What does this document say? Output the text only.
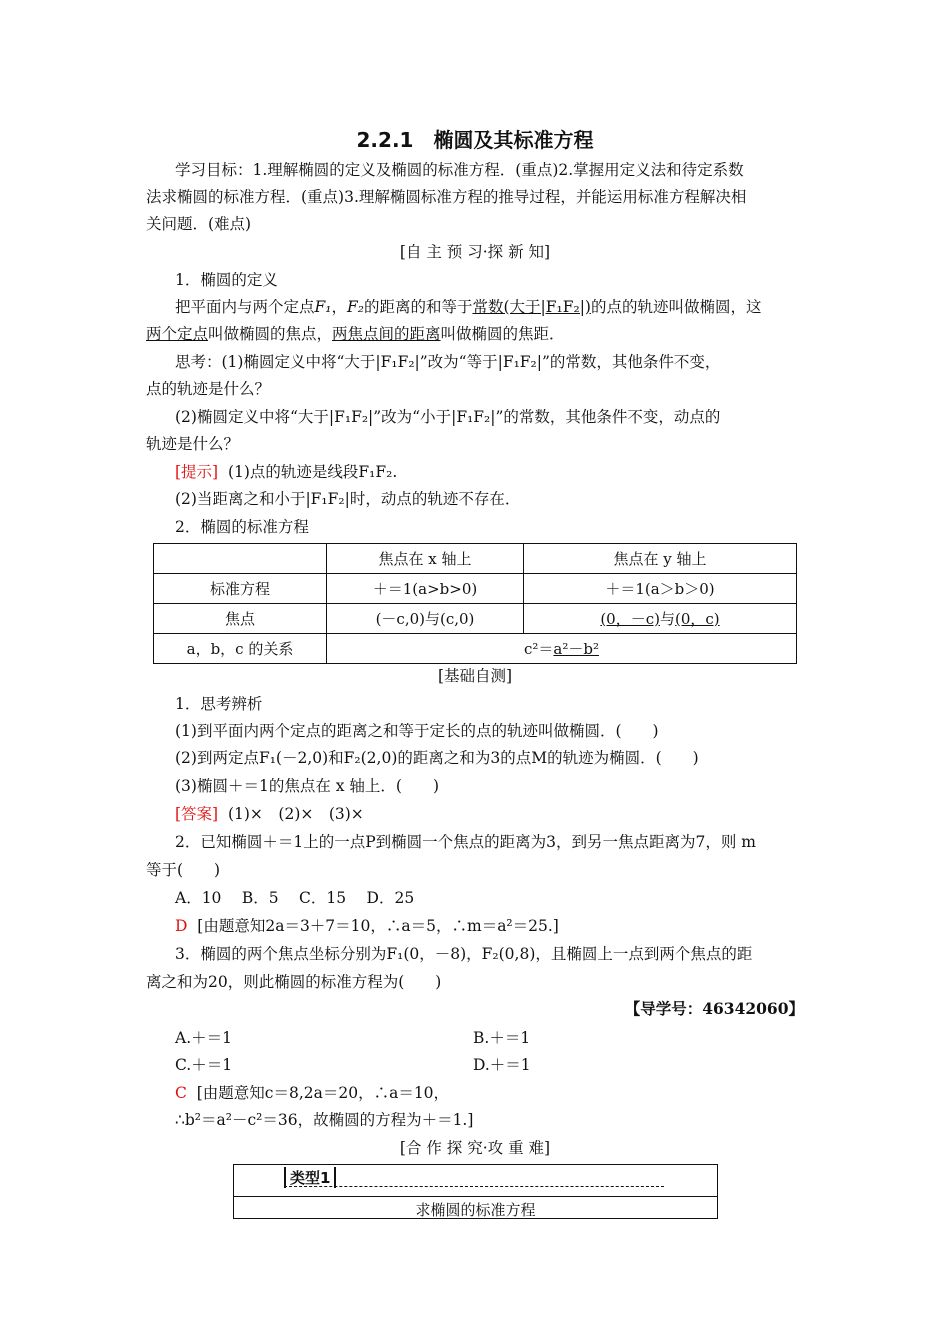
2.2.1　椭圆及其标准方程
学习目标：1.理解椭圆的定义及椭圆的标准方程．(重点)2.掌握用定义法和待定系数
法求椭圆的标准方程．(重点)3.理解椭圆标准方程的推导过程，并能运用标准方程解决相
关问题．(难点)
[自 主 预 习·探 新 知]
1．椭圆的定义
把平面内与两个定点F₁，F₂的距离的和等于常数(大于|F₁F₂|)的点的轨迹叫做椭圆，这
两个定点叫做椭圆的焦点，两焦点间的距离叫做椭圆的焦距．
思考：(1)椭圆定义中将“大于|F₁F₂|”改为“等于|F₁F₂|”的常数，其他条件不变，
点的轨迹是什么？
(2)椭圆定义中将“大于|F₁F₂|”改为“小于|F₁F₂|”的常数，其他条件不变，动点的
轨迹是什么？
[提示] (1)点的轨迹是线段F₁F₂.
(2)当距离之和小于|F₁F₂|时，动点的轨迹不存在．
2．椭圆的标准方程
	焦点在 x 轴上	焦点在 y 轴上
标准方程	＋＝1(a>b>0)	＋＝1(a＞b＞0)
焦点	(－c,0)与(c,0)	(0，－c)与(0，c)
a，b，c 的关系	c²＝a²－b²	
[基础自测]
1．思考辨析
(1)到平面内两个定点的距离之和等于定长的点的轨迹叫做椭圆．(　　)
(2)到两定点F₁(－2,0)和F₂(2,0)的距离之和为3的点M的轨迹为椭圆．(　　)
(3)椭圆＋＝1的焦点在 x 轴上．(　　)
[答案] (1)×　(2)×　(3)×
2．已知椭圆＋＝1上的一点P到椭圆一个焦点的距离为3，到另一焦点距离为7，则 m
等于(　　)
A．10　 B．5　 C．15　 D．25
D [由题意知2a＝3＋7＝10，∴a＝5，∴m＝a²＝25.]
3．椭圆的两个焦点坐标分别为F₁(0，－8)，F₂(0,8)，且椭圆上一点到两个焦点的距
离之和为20，则此椭圆的标准方程为(　　)
【导学号：46342060】
A.＋＝1	B.＋＝1
C.＋＝1	D.＋＝1
C [由题意知c＝8,2a＝20，∴a＝10，
∴b²＝a²－c²＝36，故椭圆的方程为＋＝1.]
[合 作 探 究·攻 重 难]
类型1
求椭圆的标准方程
